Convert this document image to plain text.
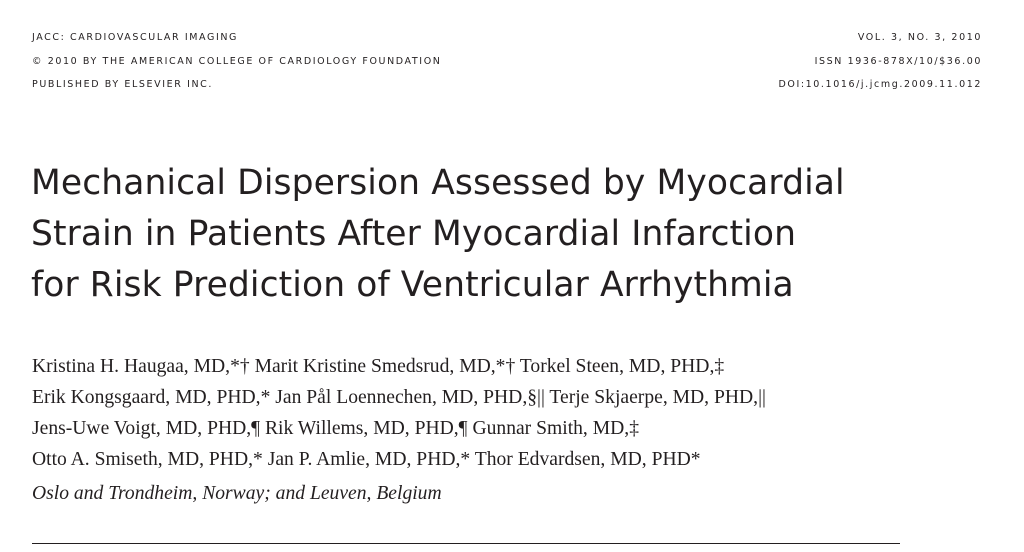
JACC: CARDIOVASCULAR IMAGING
© 2010 BY THE AMERICAN COLLEGE OF CARDIOLOGY FOUNDATION
PUBLISHED BY ELSEVIER INC.
VOL. 3, NO. 3, 2010
ISSN 1936-878X/10/$36.00
DOI:10.1016/j.jcmg.2009.11.012
Mechanical Dispersion Assessed by Myocardial
Strain in Patients After Myocardial Infarction
for Risk Prediction of Ventricular Arrhythmia
Kristina H. Haugaa, MD,*† Marit Kristine Smedsrud, MD,*† Torkel Steen, MD, PHD,‡
Erik Kongsgaard, MD, PHD,* Jan Pål Loennechen, MD, PHD,§|| Terje Skjaerpe, MD, PHD,||
Jens-Uwe Voigt, MD, PHD,¶ Rik Willems, MD, PHD,¶ Gunnar Smith, MD,‡
Otto A. Smiseth, MD, PHD,* Jan P. Amlie, MD, PHD,* Thor Edvardsen, MD, PHD*
Oslo and Trondheim, Norway; and Leuven, Belgium
